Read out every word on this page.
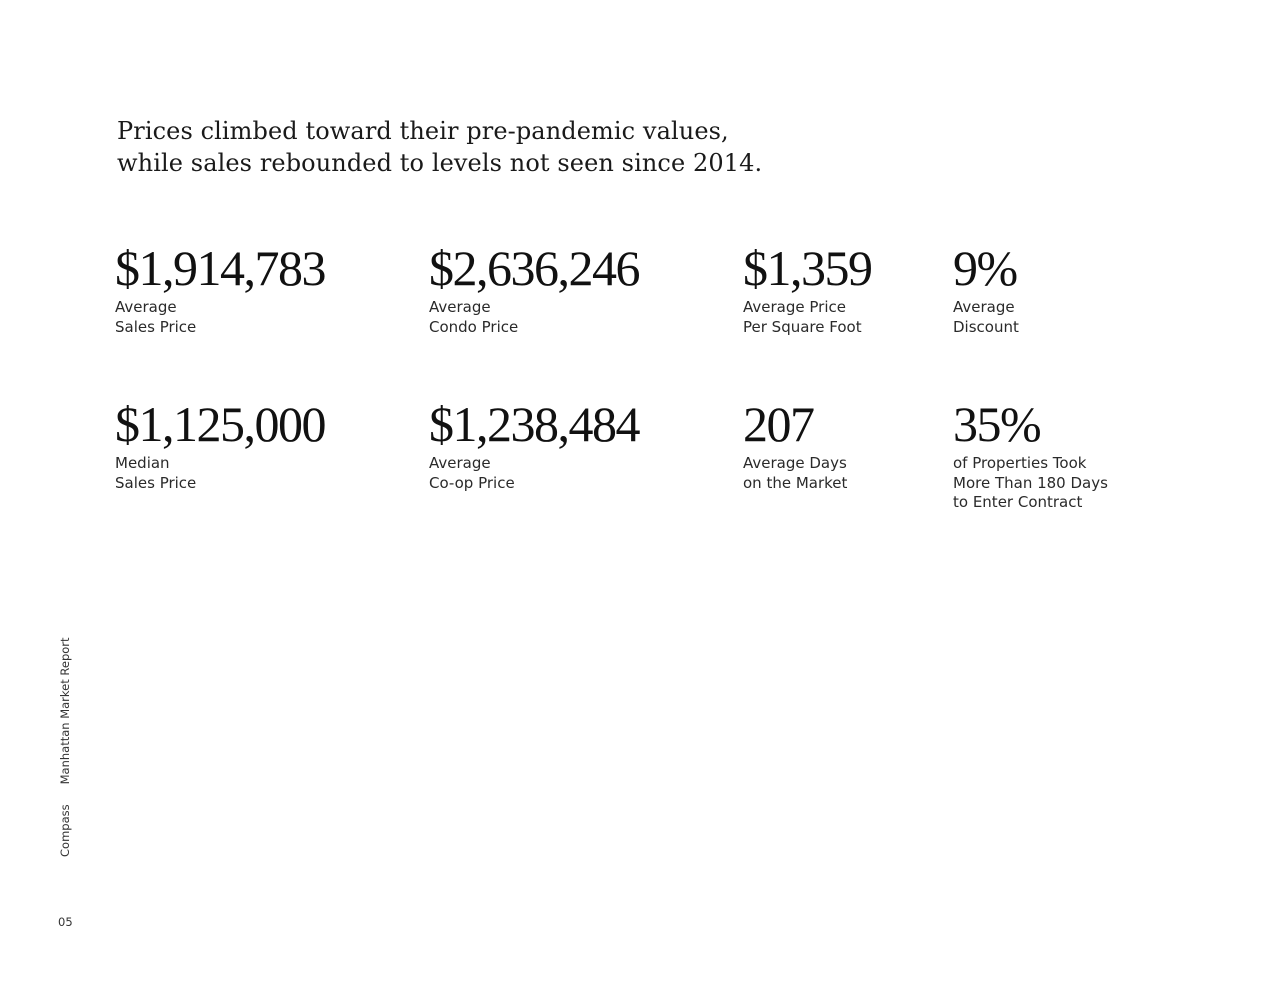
Prices climbed toward their pre-pandemic values,
while sales rebounded to levels not seen since 2014.
$1,914,783
Average
Sales Price
$2,636,246
Average
Condo Price
$1,359
Average Price
Per Square Foot
9%
Average
Discount
$1,125,000
Median
Sales Price
$1,238,484
Average
Co-op Price
207
Average Days
on the Market
35%
of Properties Took
More Than 180 Days
to Enter Contract
CompassManhattan Market Report
05
